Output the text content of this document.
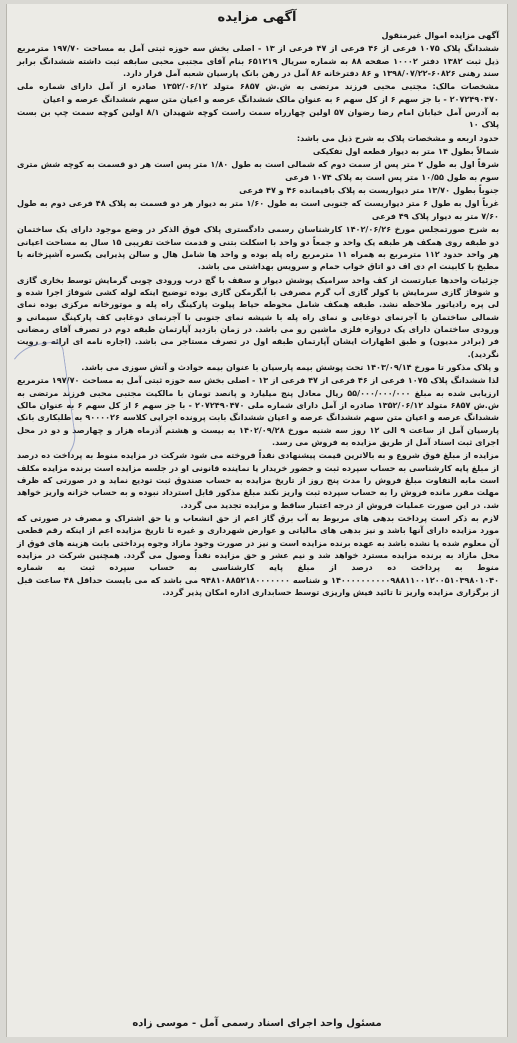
آگهی مزایده

آگهی مزایده اموال غیرمنقول

ششدانگ پلاک ۱۰۷۵ فرعی از ۴۶ فرعی از ۴۷ فرعی از ۱۳ - اصلی بخش سه حوزه ثبتی آمل به مساحت ۱۹۷/۷۰ مترمربع ذیل ثبت ۱۳۸۲ دفتر ۱۰۰۰۲ صفحه ۸۸ به شماره سریال ۶۵۱۲۱۹ بنام آقای مجتبی محبی سابقه ثبت داشته ششدانگ برابر سند رهنی ۶۰۸۲۶-۱۳۹۸/۰۷/۲۲ و ۸۶ دفترخانه ۸۶ آمل در رهن بانک پارسیان شعبه آمل قرار دارد.

مشخصات مالک: مجتبی محبی فرزند مرتضی به ش.ش ۶۸۵۷ متولد ۱۳۵۲/۰۶/۱۲ صادره از آمل دارای شماره ملی ۲۰۷۲۴۹۰۴۷۰ - با جز سهم ۶ از کل سهم ۶ به عنوان مالک ششدانگ عرصه و اعیان متن سهم ششدانگ عرصه و اعیان

به آدرس آمل خیابان امام رضا رضوان ۵۷ اولین چهارراه سمت راست کوچه شهیدان ۸/۱ اولین کوچه سمت چپ بن بست پلاک ۱۰

حدود اربعه و مشخصات پلاک به شرح ذیل می باشد:

شمالاً بطول ۱۴ متر به دیوار قطعه اول تفکیکی

شرقاً اول به طول ۲ متر پس از سمت دوم که شمالی است به طول ۱/۸۰ متر پس است هر دو قسمت به کوچه شش متری سوم به طول ۱۰/۵۵ متر پس است به پلاک ۱۰۷۴ فرعی

جنوباً بطول ۱۳/۷۰ متر دیواریست به پلاک باقیمانده ۴۶ و ۴۷ فرعی

غرباً اول به طول ۶ متر دیواریست که جنوبی است به طول ۱/۶۰ متر به دیوار هر دو قسمت به پلاک ۴۸ فرعی دوم به طول ۷/۶۰ متر به دیوار پلاک ۴۹ فرعی

به شرح صورتمجلس مورخ ۱۴۰۲/۰۶/۲۶ کارشناسان رسمی دادگستری پلاک فوق الذکر در وضع موجود دارای یک ساختمان دو طبقه روی همکف هر طبقه یک واحد و جمعاً دو واحد با اسکلت بتنی و قدمت ساخت تقریبی ۱۵ سال به مساحت اعیانی هر واحد حدود ۱۱۲ مترمربع به همراه ۱۱ مترمربع راه پله بوده و واحد ها شامل هال و سالن پذیرایی یکسره آشپزخانه با مطبخ با کابینت ام دی اف دو اتاق خواب حمام و سرویس بهداشتی می باشد.

جزئیات واحدها عبارتست از کف واحد سرامیک پوشش دیوار و سقف با گچ درب ورودی چوبی گرمایش توسط بخاری گازی و شوفاژ گازی سرمایش با کولر گازی آب گرم مصرفی با آبگرمکن گازی بوده توضیح اینکه لوله کشی شوفاژ اجرا شده و لی پره رادیاتور ملاحظه نشد. طبقه همکف شامل محوطه حیاط پیلوت پارکینگ راه پله و موتورخانه مرکزی بوده نمای شمالی ساختمان با آجرنمای دوغابی و نمای راه پله با شیشه نمای جنوبی با آجرنمای دوغابی کف پارکینگ سیمانی و ورودی ساختمان دارای یک دروازه فلزی ماشین رو می باشد. در زمان بازدید آپارتمان طبقه دوم در تصرف آقای رمضانی فر (برادر مدیون) و طبق اظهارات ایشان آپارتمان طبقه اول در تصرف مستاجر می باشد. (اجاره نامه ای ارائه و رویت نگردید).

و پلاک مذکور تا مورخ ۱۴۰۳/۰۹/۱۴ تحت پوشش بیمه پارسیان با عنوان بیمه حوادث و آتش سوزی می باشد.

لذا ششدانگ پلاک ۱۰۷۵ فرعی از ۴۶ فرعی از ۴۷ فرعی از ۱۳ - اصلی بخش سه حوزه ثبتی آمل به مساحت ۱۹۷/۷۰ مترمربع ارزیابی شده به مبلغ ۵۵/۰۰۰/۰۰۰/۰۰۰ ریال معادل پنج میلیارد و پانصد تومان با مالکیت مجتبی محبی فرزند مرتضی به ش.ش ۶۸۵۷ متولد ۱۳۵۲/۰۶/۱۲ صادره از آمل دارای شماره ملی ۲۰۷۲۴۹۰۴۷۰ - با جز سهم ۶ از کل سهم ۶ به عنوان مالک ششدانگ عرصه و اعیان متن سهم ششدانگ عرصه و اعیان ششدانگ بابت پرونده اجرایی کلاسه ۹۰۰۰۰۲۶ به طلبکاری بانک پارسیان آمل از ساعت ۹ الی ۱۲ روز سه شنبه مورخ ۱۴۰۲/۰۹/۲۸ به بیست و هشتم آذرماه هزار و چهارصد و دو در محل اجرای ثبت اسناد آمل از طریق مزایده به فروش می رسد.

مزایده از مبلغ فوق شروع و به بالاترین قیمت پیشنهادی نقداً فروخته می شود شرکت در مزایده منوط به پرداخت ده درصد از مبلغ پایه کارشناسی به حساب سپرده ثبت و حضور خریدار یا نماینده قانونی او در جلسه مزایده است برنده مزایده مکلف است مابه التفاوت مبلغ فروش را مدت پنج روز از تاریخ مزایده به حساب صندوق ثبت تودیع نماید و در صورتی که ظرف مهلت مقرر مانده فروش را به حساب سپرده ثبت واریز نکند مبلغ مذکور قابل استرداد نبوده و به حساب خزانه واریز خواهد شد. در این صورت عملیات فروش از درجه اعتبار ساقط و مزایده تجدید می گردد.

لازم به ذکر است پرداخت بدهی های مربوط به آب برق گاز اعم از حق انشعاب و یا حق اشتراک و مصرف در صورتی که مورد مزایده دارای آنها باشد و نیز بدهی های مالیاتی و عوارض شهرداری و غیره تا تاریخ مزایده اعم از اینکه رقم قطعی آن معلوم شده یا نشده باشد به عهده برنده مزایده است و نیز در صورت وجود مازاد وجوه پرداختی بابت هزینه های فوق از محل مازاد به برنده مزایده مسترد خواهد شد و نیم عشر و حق مزایده نقداً وصول می گردد. همچنین شرکت در مزایده منوط به پرداخت ده درصد از مبلغ پایه کارشناسی به حساب سپرده ثبت به شماره ۱۴۰۰۰۰۰۰۰۰۰۰۹۸۸۱۱۰۰۱۲۰۰۵۱۰۳۹۸۰۱۰۴۰ و شناسه ۹۴۸۱۰۸۸۵۲۱۸۰۰۰۰۰۰۰ می باشد که می بایست حداقل ۴۸ ساعت قبل از برگزاری مزایده واریز تا تائید فیش واریزی توسط حسابداری اداره امکان پذیر گردد.

مسئول واحد اجرای اسناد رسمی آمل - موسی زاده
